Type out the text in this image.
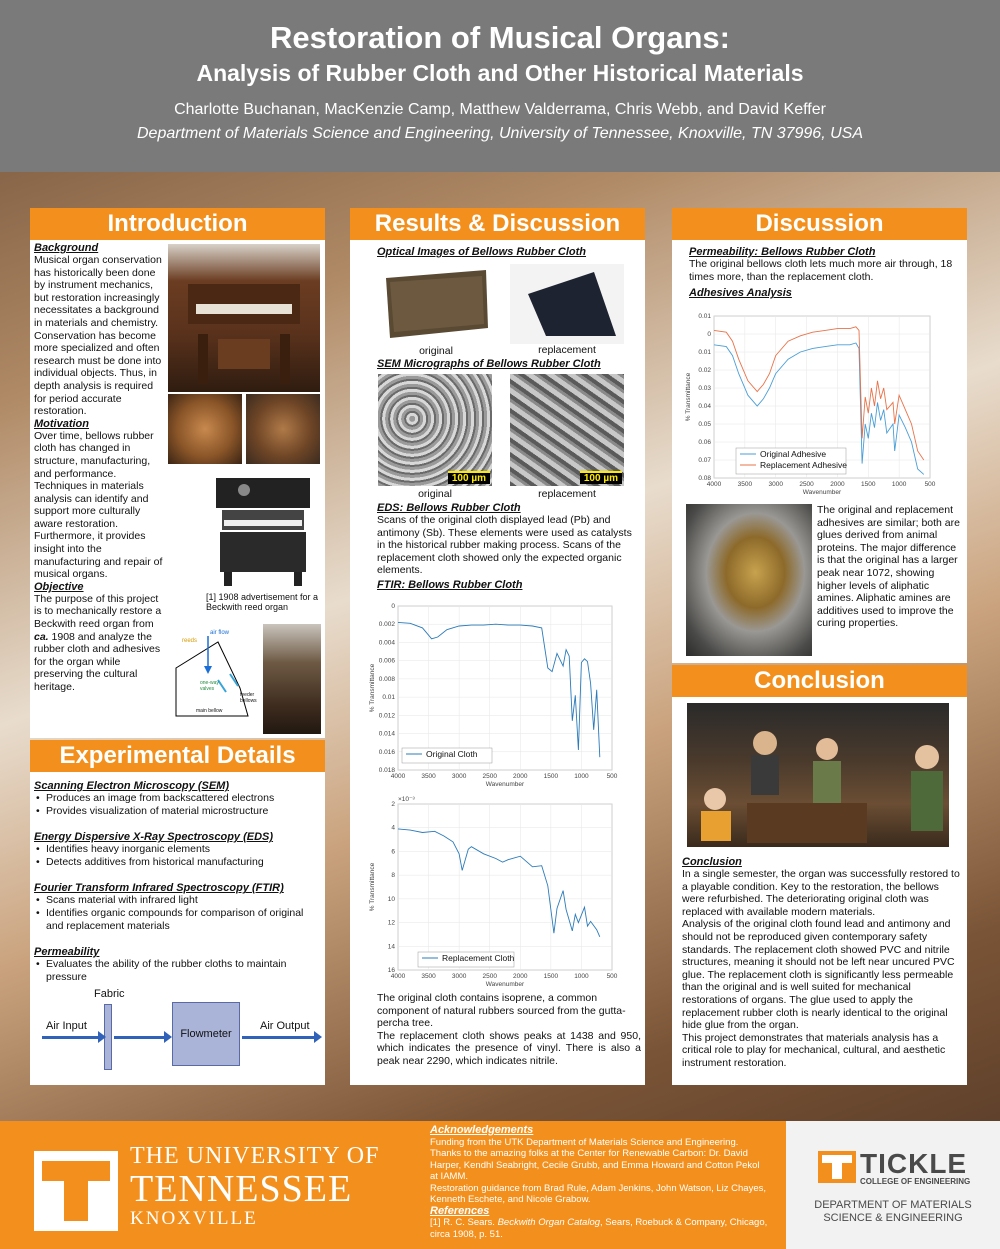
Restoration of Musical Organs:
Analysis of Rubber Cloth and Other Historical Materials
Charlotte Buchanan, MacKenzie Camp, Matthew Valderrama, Chris Webb, and David Keffer
Department of Materials Science and Engineering, University of Tennessee, Knoxville, TN 37996, USA
Introduction
Background
Musical organ conservation has historically been done by instrument mechanics, but restoration increasingly necessitates a background in materials and chemistry. Conservation has become more specialized and often research must be done into individual objects. Thus, in depth analysis is required for period accurate restoration.
Motivation
Over time, bellows rubber cloth has changed in structure, manufacturing, and performance. Techniques in materials analysis can identify and support more culturally aware restoration. Furthermore, it provides insight into the manufacturing and repair of musical organs.
Objective
The purpose of this project is to mechanically restore a Beckwith reed organ from ca. 1908 and analyze the rubber cloth and adhesives for the organ while preserving the cultural heritage.
[1] 1908 advertisement for a Beckwith reed organ
air flow
reeds
one-way valves
feeder bellows
main bellow
Experimental Details
Scanning Electron Microscopy (SEM)
• Produces an image from backscattered electrons
• Provides visualization of material microstructure
Energy Dispersive X-Ray Spectroscopy (EDS)
• Identifies heavy inorganic elements
• Detects additives from historical manufacturing
Fourier Transform Infrared Spectroscopy (FTIR)
• Scans material with infrared light
• Identifies organic compounds for comparison of original and replacement materials
Permeability
• Evaluates the ability of the rubber cloths to maintain pressure
Fabric
Air Input
Flowmeter
Air Output
Results & Discussion
Optical Images of Bellows Rubber Cloth
original	replacement
SEM Micrographs of Bellows Rubber Cloth
100 µm	100 µm
original	replacement
EDS: Bellows Rubber Cloth
Scans of the original cloth displayed lead (Pb) and antimony (Sb). These elements were used as catalysts in the historical rubber making process. Scans of the replacement cloth showed only the expected organic elements.
FTIR: Bellows Rubber Cloth
4000 3500 3000 2500 2000 1500 1000	500
0
0.002
0.004
0.006
0.008
0.01
0.012
0.014
0.016
0.018
Wavenumber
% Transmittance
Original Cloth
4000 3500 3000 2500 2000 1500 1000	500
2
4
6
8
10
12
14
16
Wavenumber
% Transmittance
×10⁻³
Replacement Cloth
The original cloth contains isoprene, a common component of natural rubbers sourced from the gutta-percha tree.
The replacement cloth shows peaks at 1438 and 950, which indicates the presence of vinyl. There is also a peak near 2290, which indicates nitrile.
Discussion
Permeability: Bellows Rubber Cloth
The original bellows cloth lets much more air through, 18 times more, than the replacement cloth.
Adhesives Analysis
4000	3500	3000	2500	2000	1500	1000	500
0.01
0
0.01
0.02
0.03
0.04
0.05
0.06
0.07
0.08
Wavenumber
% Transmittance
Original Adhesive
Replacement Adhesive
The original and replacement adhesives are similar; both are glues derived from animal proteins. The major difference is that the original has a larger peak near 1072, showing higher levels of aliphatic amines. Aliphatic amines are additives used to improve the curing properties.
Conclusion
Conclusion
In a single semester, the organ was successfully restored to a playable condition. Key to the restoration, the bellows were refurbished. The deteriorating original cloth was replaced with available modern materials.
Analysis of the original cloth found lead and antimony and should not be reproduced given contemporary safety standards. The replacement cloth showed PVC and nitrile structures, meaning it should not be left near uncured PVC glue. The replacement cloth is significantly less permeable than the original and is well suited for mechanical restorations of organs. The glue used to apply the replacement rubber cloth is nearly identical to the original hide glue from the organ.
This project demonstrates that materials analysis has a critical role to play for mechanical, cultural, and aesthetic instrument restoration.
THE UNIVERSITY OF
TENNESSEE
KNOXVILLE
Acknowledgements
Funding from the UTK Department of Materials Science and Engineering.
Thanks to the amazing folks at the Center for Renewable Carbon: Dr. David Harper, Kendhl Seabright, Cecile Grubb, and Emma Howard and Cotton Pekol at IAMM.
Restoration guidance from Brad Rule, Adam Jenkins, John Watson, Liz Chayes, Kenneth Eschete, and Nicole Grabow.
References
[1] R. C. Sears. Beckwith Organ Catalog, Sears, Roebuck & Company, Chicago, circa 1908, p. 51.
TICKLE
COLLEGE OF ENGINEERING
DEPARTMENT OF MATERIALS
SCIENCE & ENGINEERING
